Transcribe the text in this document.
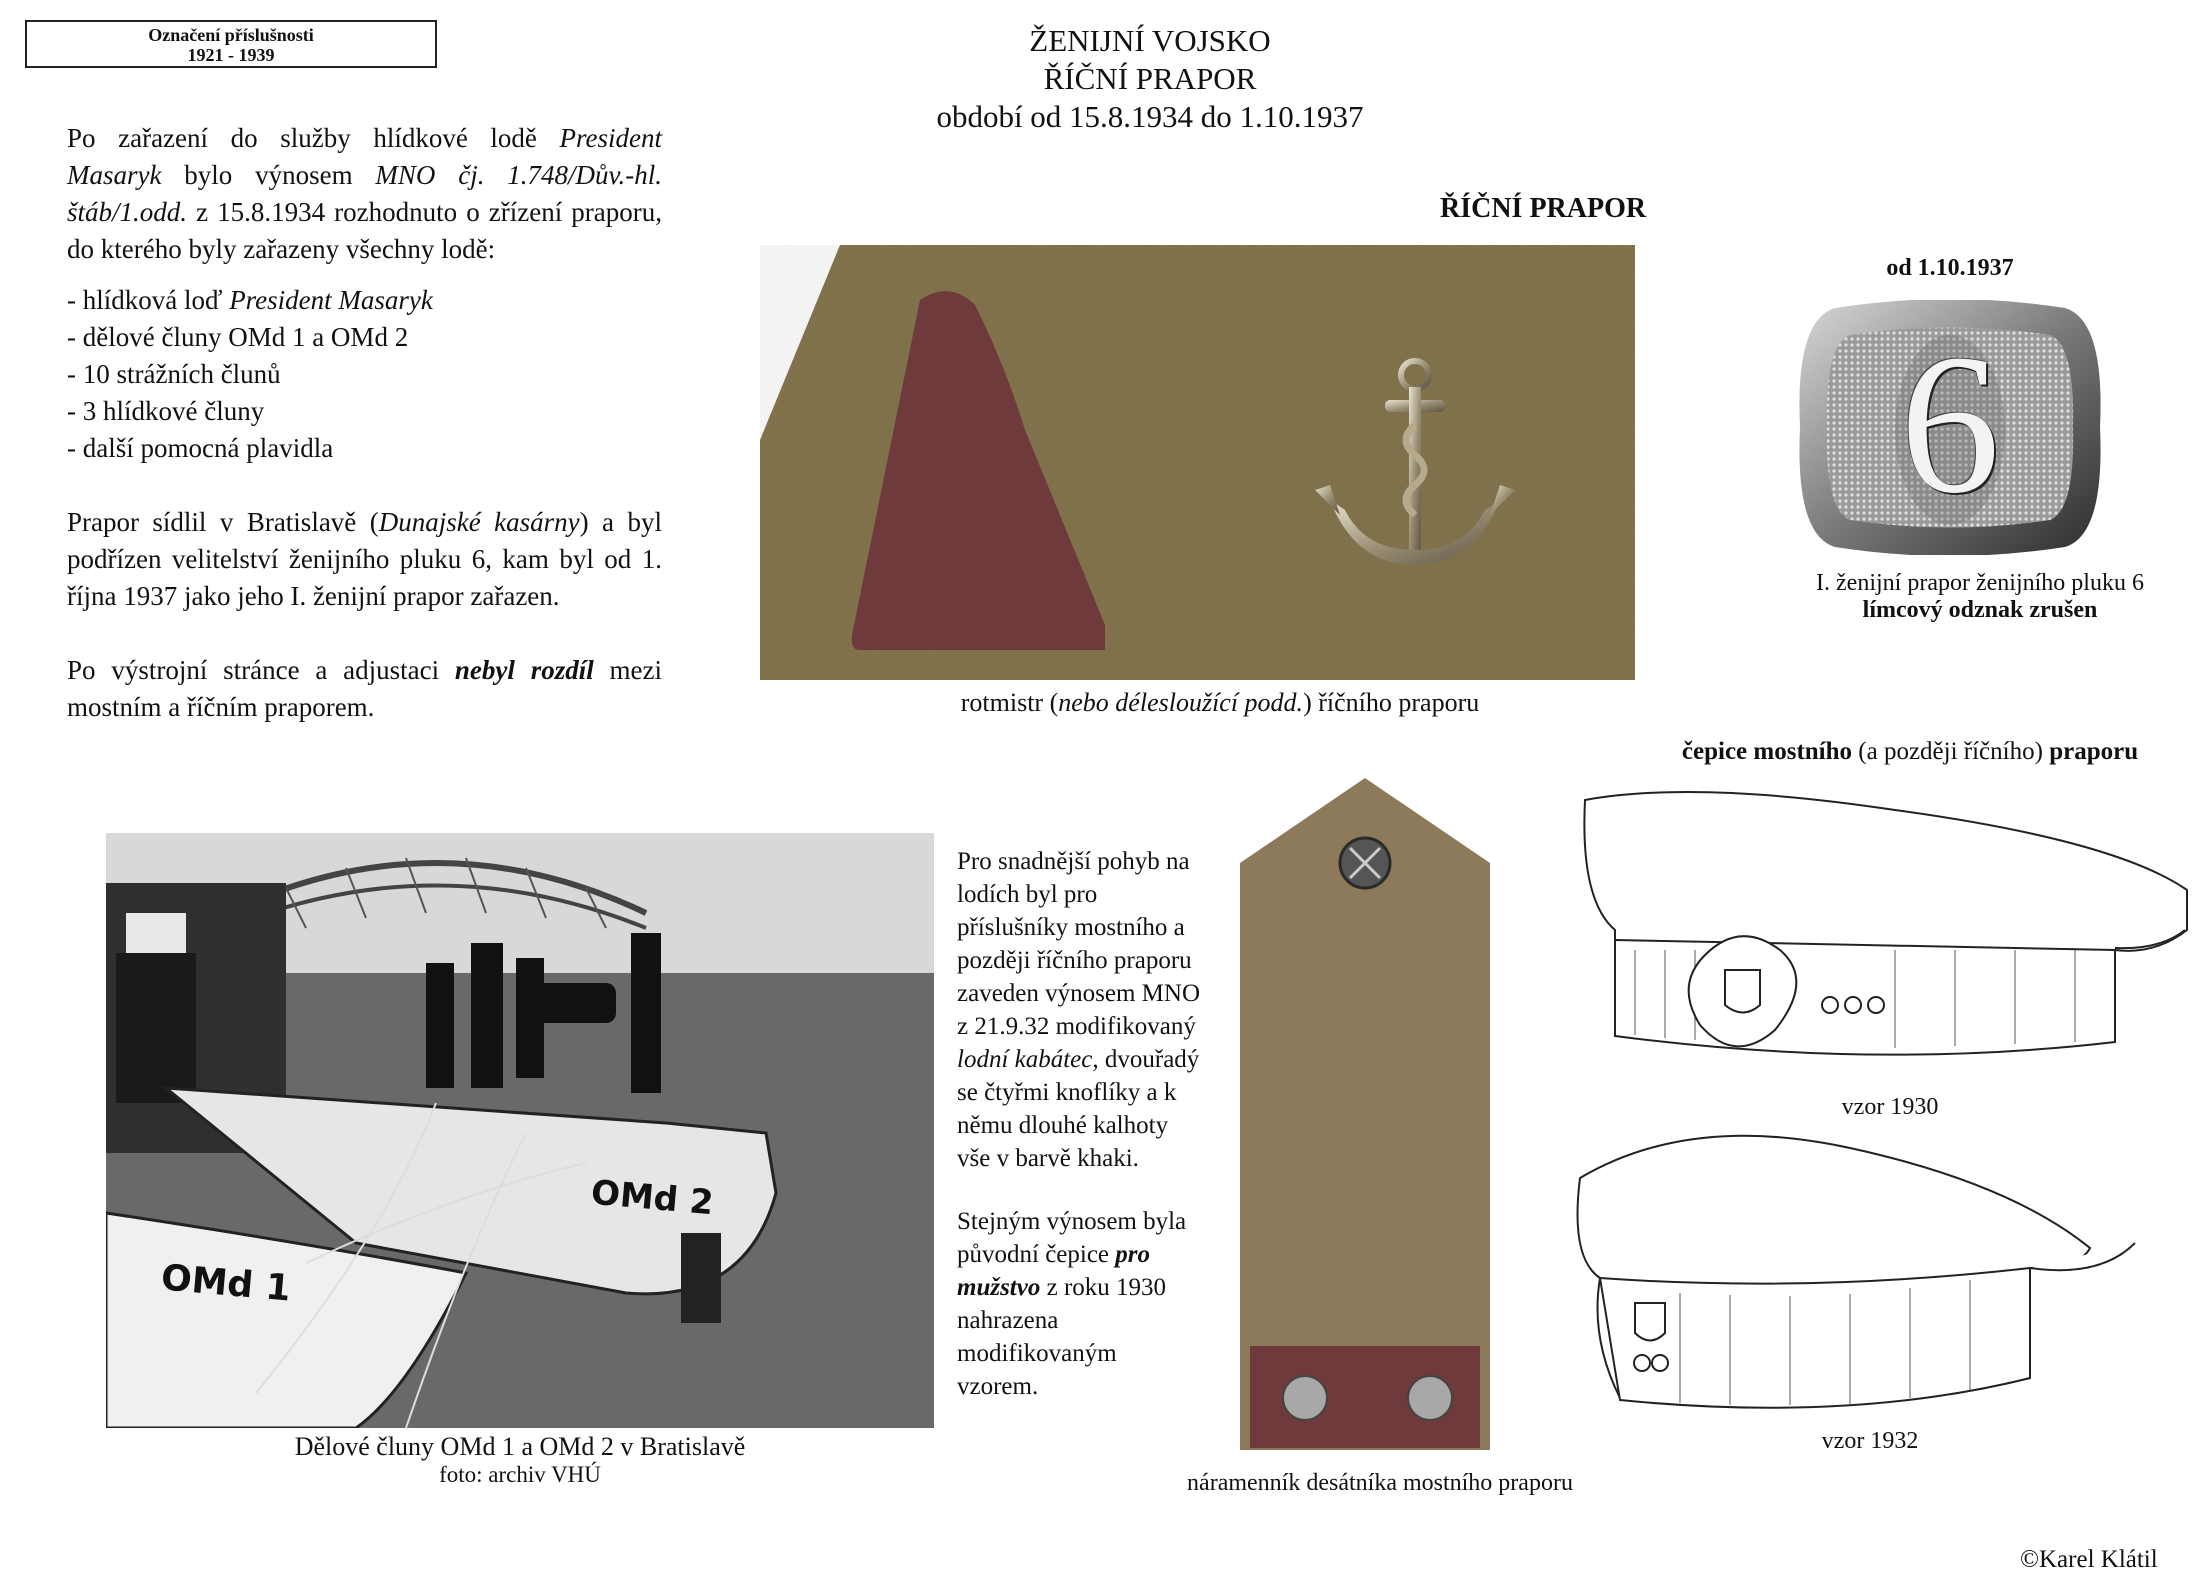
Označení příslušnosti
1921 - 1939	ŽENIJNÍ VOJSKO
ŘÍČNÍ PRAPOR
období od 15.8.1934 do 1.10.1937

Po zařazení do služby hlídkové lodě President Masaryk bylo výnosem MNO čj. 1.748/Dův.-hl. štáb/1.odd. z 15.8.1934 rozhodnuto o zřízení praporu, do kterého byly zařazeny všechny lodě:

- hlídková loď President Masaryk
- dělové čluny OMd 1 a OMd 2
- 10 strážních člunů
- 3 hlídkové čluny
- další pomocná plavidla

Prapor sídlil v Bratislavě (Dunajské kasárny) a byl podřízen velitelství ženijního pluku 6, kam byl od 1. října 1937 jako jeho I. ženijní prapor zařazen.

Po výstrojní stránce a adjustaci nebyl rozdíl mezi mostním a říčním praporem.

ŘÍČNÍ PRAPOR
rotmistr (nebo délesloužící podd.) říčního praporu
od 1.10.1937
6
I. ženijní prapor ženijního pluku 6
límcový odznak zrušen
čepice mostního (a později říčního) praporu
vzor 1930
vzor 1932
OMd 1
OMd 2
Dělové čluny OMd 1 a OMd 2 v Bratislavě
foto: archiv VHÚ

Pro snadnější pohyb na lodích byl pro příslušníky mostního a později říčního praporu zaveden výnosem MNO z 21.9.32 modifikovaný lodní kabátec, dvouřadý se čtyřmi knoflíky a k němu dlouhé kalhoty vše v barvě khaki.

Stejným výnosem byla původní čepice pro mužstvo z roku 1930 nahrazena modifikovaným vzorem.

náramenník desátníka mostního praporu
©Karel Klátil
